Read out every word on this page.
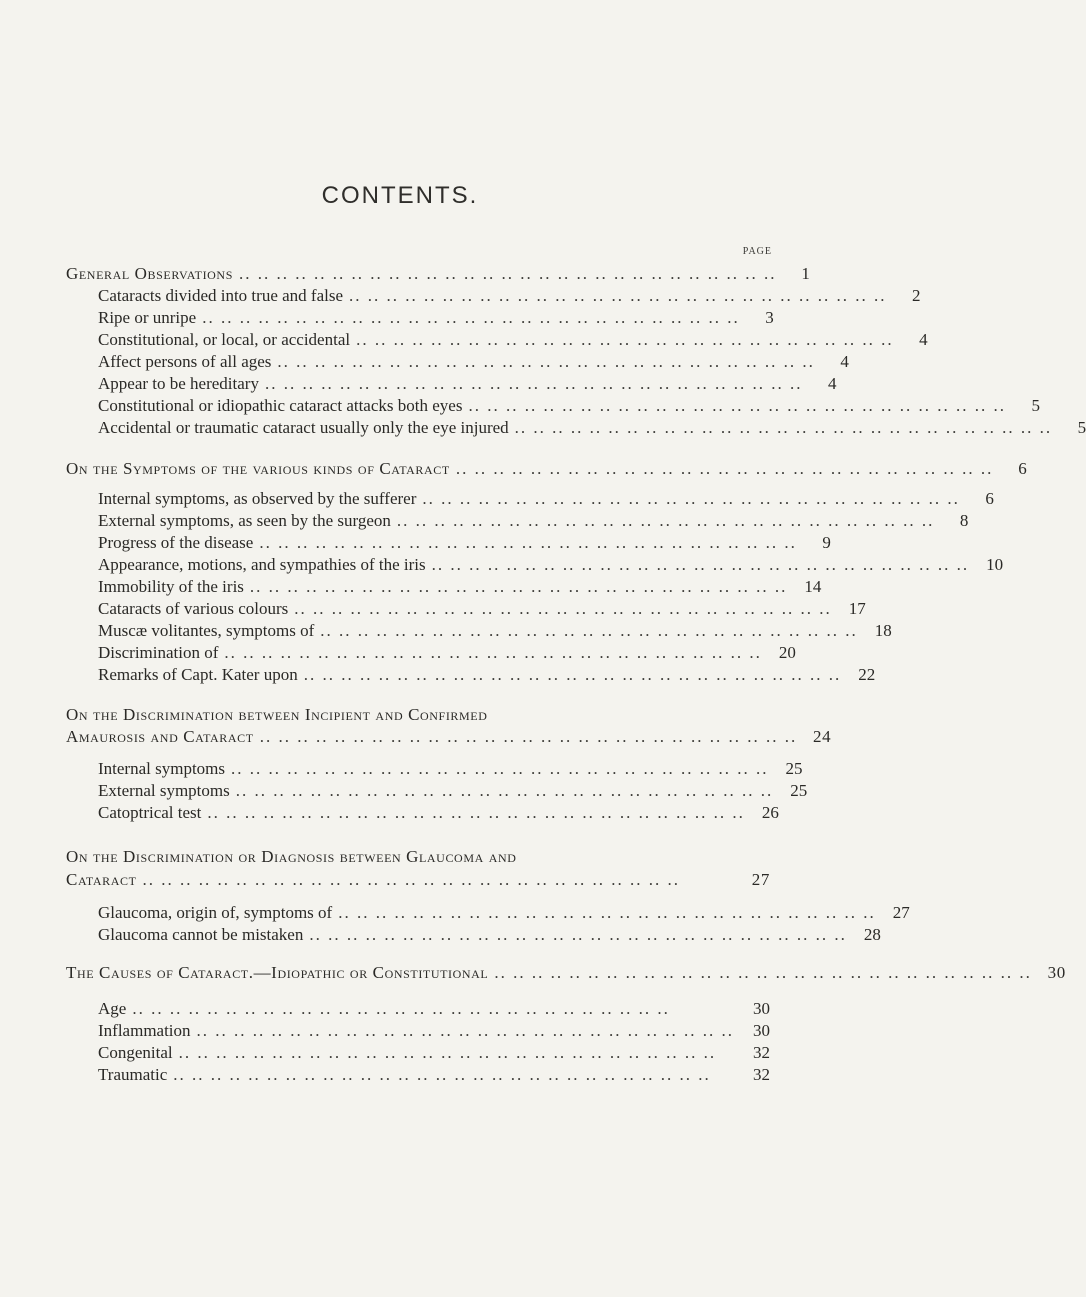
CONTENTS.
PAGE
General Observations .. .. .. .. .. .. .. .. .. .. .. .. .. .. .. .. .. .. .. .. .. .. .. .. .. .. .. .. ..	1
Cataracts divided into true and false .. .. .. .. .. .. .. .. .. .. .. .. .. .. .. .. .. .. .. .. .. .. .. .. .. .. .. .. ..	2
Ripe or unripe .. .. .. .. .. .. .. .. .. .. .. .. .. .. .. .. .. .. .. .. .. .. .. .. .. .. .. .. ..	3
Constitutional, or local, or accidental .. .. .. .. .. .. .. .. .. .. .. .. .. .. .. .. .. .. .. .. .. .. .. .. .. .. .. .. ..	4
Affect persons of all ages .. .. .. .. .. .. .. .. .. .. .. .. .. .. .. .. .. .. .. .. .. .. .. .. .. .. .. .. ..	4
Appear to be hereditary .. .. .. .. .. .. .. .. .. .. .. .. .. .. .. .. .. .. .. .. .. .. .. .. .. .. .. .. ..	4
Constitutional or idiopathic cataract attacks both eyes .. .. .. .. .. .. .. .. .. .. .. .. .. .. .. .. .. .. .. .. .. .. .. .. .. .. .. .. ..	5
Accidental or traumatic cataract usually only the eye injured .. .. .. .. .. .. .. .. .. .. .. .. .. .. .. .. .. .. .. .. .. .. .. .. .. .. .. .. ..	5
On the Symptoms of the various kinds of Cataract .. .. .. .. .. .. .. .. .. .. .. .. .. .. .. .. .. .. .. .. .. .. .. .. .. .. .. .. ..	6
Internal symptoms, as observed by the sufferer .. .. .. .. .. .. .. .. .. .. .. .. .. .. .. .. .. .. .. .. .. .. .. .. .. .. .. .. ..	6
External symptoms, as seen by the surgeon .. .. .. .. .. .. .. .. .. .. .. .. .. .. .. .. .. .. .. .. .. .. .. .. .. .. .. .. ..	8
Progress of the disease .. .. .. .. .. .. .. .. .. .. .. .. .. .. .. .. .. .. .. .. .. .. .. .. .. .. .. .. ..	9
Appearance, motions, and sympathies of the iris .. .. .. .. .. .. .. .. .. .. .. .. .. .. .. .. .. .. .. .. .. .. .. .. .. .. .. .. ..	10
Immobility of the iris .. .. .. .. .. .. .. .. .. .. .. .. .. .. .. .. .. .. .. .. .. .. .. .. .. .. .. .. ..	14
Cataracts of various colours .. .. .. .. .. .. .. .. .. .. .. .. .. .. .. .. .. .. .. .. .. .. .. .. .. .. .. .. ..	17
Muscæ volitantes, symptoms of .. .. .. .. .. .. .. .. .. .. .. .. .. .. .. .. .. .. .. .. .. .. .. .. .. .. .. .. ..	18
Discrimination of .. .. .. .. .. .. .. .. .. .. .. .. .. .. .. .. .. .. .. .. .. .. .. .. .. .. .. .. ..	20
Remarks of Capt. Kater upon .. .. .. .. .. .. .. .. .. .. .. .. .. .. .. .. .. .. .. .. .. .. .. .. .. .. .. .. ..	22
On the Discrimination between Incipient and Confirmed
Amaurosis and Cataract .. .. .. .. .. .. .. .. .. .. .. .. .. .. .. .. .. .. .. .. .. .. .. .. .. .. .. .. .. 24
Internal symptoms .. .. .. .. .. .. .. .. .. .. .. .. .. .. .. .. .. .. .. .. .. .. .. .. .. .. .. .. ..	25
External symptoms .. .. .. .. .. .. .. .. .. .. .. .. .. .. .. .. .. .. .. .. .. .. .. .. .. .. .. .. ..	25
Catoptrical test .. .. .. .. .. .. .. .. .. .. .. .. .. .. .. .. .. .. .. .. .. .. .. .. .. .. .. .. ..	26
On the Discrimination or Diagnosis between Glaucoma and
Cataract .. .. .. .. .. .. .. .. .. .. .. .. .. .. .. .. .. .. .. .. .. .. .. .. .. .. .. .. ..	27
Glaucoma, origin of, symptoms of .. .. .. .. .. .. .. .. .. .. .. .. .. .. .. .. .. .. .. .. .. .. .. .. .. .. .. .. ..	27
Glaucoma cannot be mistaken .. .. .. .. .. .. .. .. .. .. .. .. .. .. .. .. .. .. .. .. .. .. .. .. .. .. .. .. ..	28
The Causes of Cataract.—Idiopathic or Constitutional .. .. .. .. .. .. .. .. .. .. .. .. .. .. .. .. .. .. .. .. .. .. .. .. .. .. .. .. .. 30
Age .. .. .. .. .. .. .. .. .. .. .. .. .. .. .. .. .. .. .. .. .. .. .. .. .. .. .. .. ..	30
Inflammation .. .. .. .. .. .. .. .. .. .. .. .. .. .. .. .. .. .. .. .. .. .. .. .. .. .. .. .. ..	30
Congenital .. .. .. .. .. .. .. .. .. .. .. .. .. .. .. .. .. .. .. .. .. .. .. .. .. .. .. .. ..	32
Traumatic .. .. .. .. .. .. .. .. .. .. .. .. .. .. .. .. .. .. .. .. .. .. .. .. .. .. .. .. ..	32
